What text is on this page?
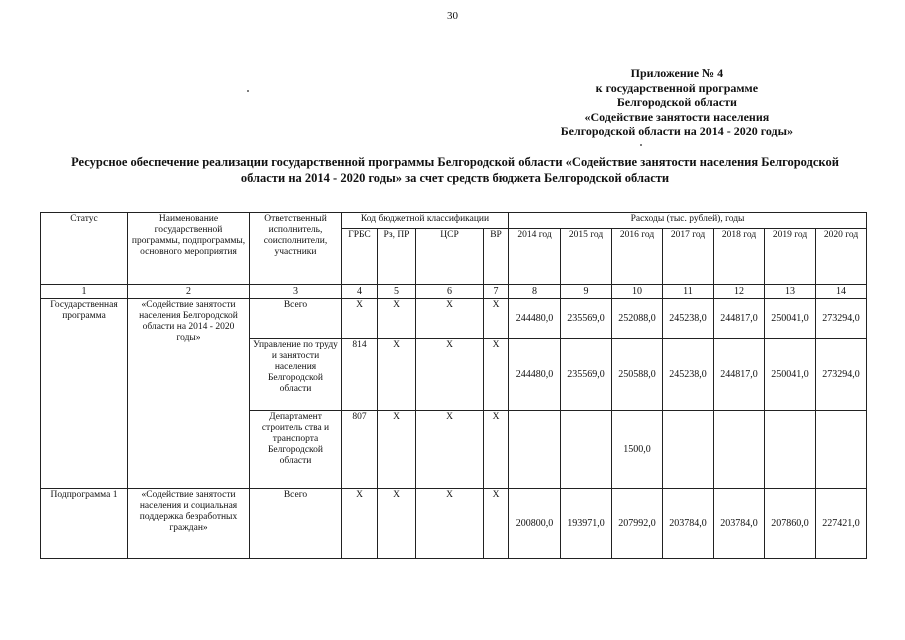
30
Приложение № 4
к государственной программе
Белгородской области
«Содействие занятости населения
Белгородской области на 2014 - 2020 годы»
Ресурсное обеспечение реализации государственной программы Белгородской области «Содействие занятости населения Белгородской
области на 2014 - 2020 годы» за счет средств бюджета Белгородской области
Статус	Наименование государственной программы, подпрограммы, основного мероприятия	Ответственный исполнитель, соисполнители, участники	Код бюджетной классификации				Расходы (тыс. рублей), годы						
			ГРБС	Рз, ПР	ЦСР	ВР	2014 год	2015 год	2016 год	2017 год	2018 год	2019 год	2020 год
1	2	3	4	5	6	7	8	9	10	11	12	13	14
Государственная программа	«Содействие занятости населения Белгородской области на 2014 - 2020 годы»	Всего	Х	Х	Х	Х	244480,0	235569,0	252088,0	245238,0	244817,0	250041,0	273294,0
		Управление по труду и занятости населения Белгородской области	814	Х	Х	Х	244480,0	235569,0	250588,0	245238,0	244817,0	250041,0	273294,0
		Департамент строитель ства и транспорта Белгородской области	807	Х	Х	Х			1500,0				
Подпрограмма 1	«Содействие занятости населения и социальная поддержка безработных граждан»	Всего	Х	Х	Х	Х	200800,0	193971,0	207992,0	203784,0	203784,0	207860,0	227421,0
